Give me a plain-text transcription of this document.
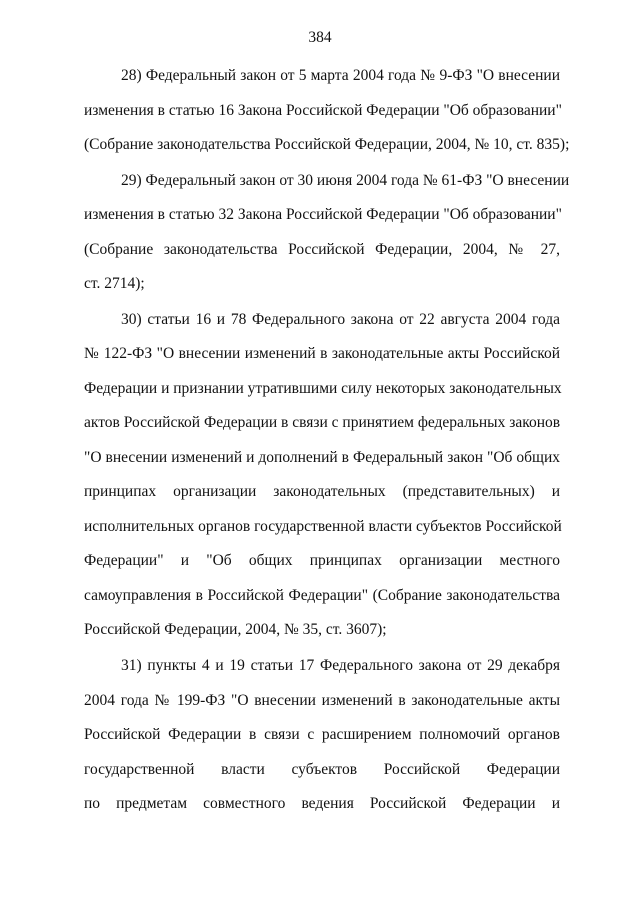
384
28) Федеральный закон от 5 марта 2004 года № 9-ФЗ "О внесении
изменения в статью 16 Закона Российской Федерации "Об образовании"
(Собрание законодательства Российской Федерации, 2004, № 10, ст. 835);
29) Федеральный закон от 30 июня 2004 года № 61-ФЗ "О внесении
изменения в статью 32 Закона Российской Федерации "Об образовании"
(Собрание законодательства Российской Федерации, 2004, № 27,
ст. 2714);
30) статьи 16 и 78 Федерального закона от 22 августа 2004 года
№ 122-ФЗ "О внесении изменений в законодательные акты Российской
Федерации и признании утратившими силу некоторых законодательных
актов Российской Федерации в связи с принятием федеральных законов
"О внесении изменений и дополнений в Федеральный закон "Об общих
принципах организации законодательных (представительных) и
исполнительных органов государственной власти субъектов Российской
Федерации" и "Об общих принципах организации местного
самоуправления в Российской Федерации" (Собрание законодательства
Российской Федерации, 2004, № 35, ст. 3607);
31) пункты 4 и 19 статьи 17 Федерального закона от 29 декабря
2004 года № 199-ФЗ "О внесении изменений в законодательные акты
Российской Федерации в связи с расширением полномочий органов
государственной власти субъектов Российской Федерации
по предметам совместного ведения Российской Федерации и
